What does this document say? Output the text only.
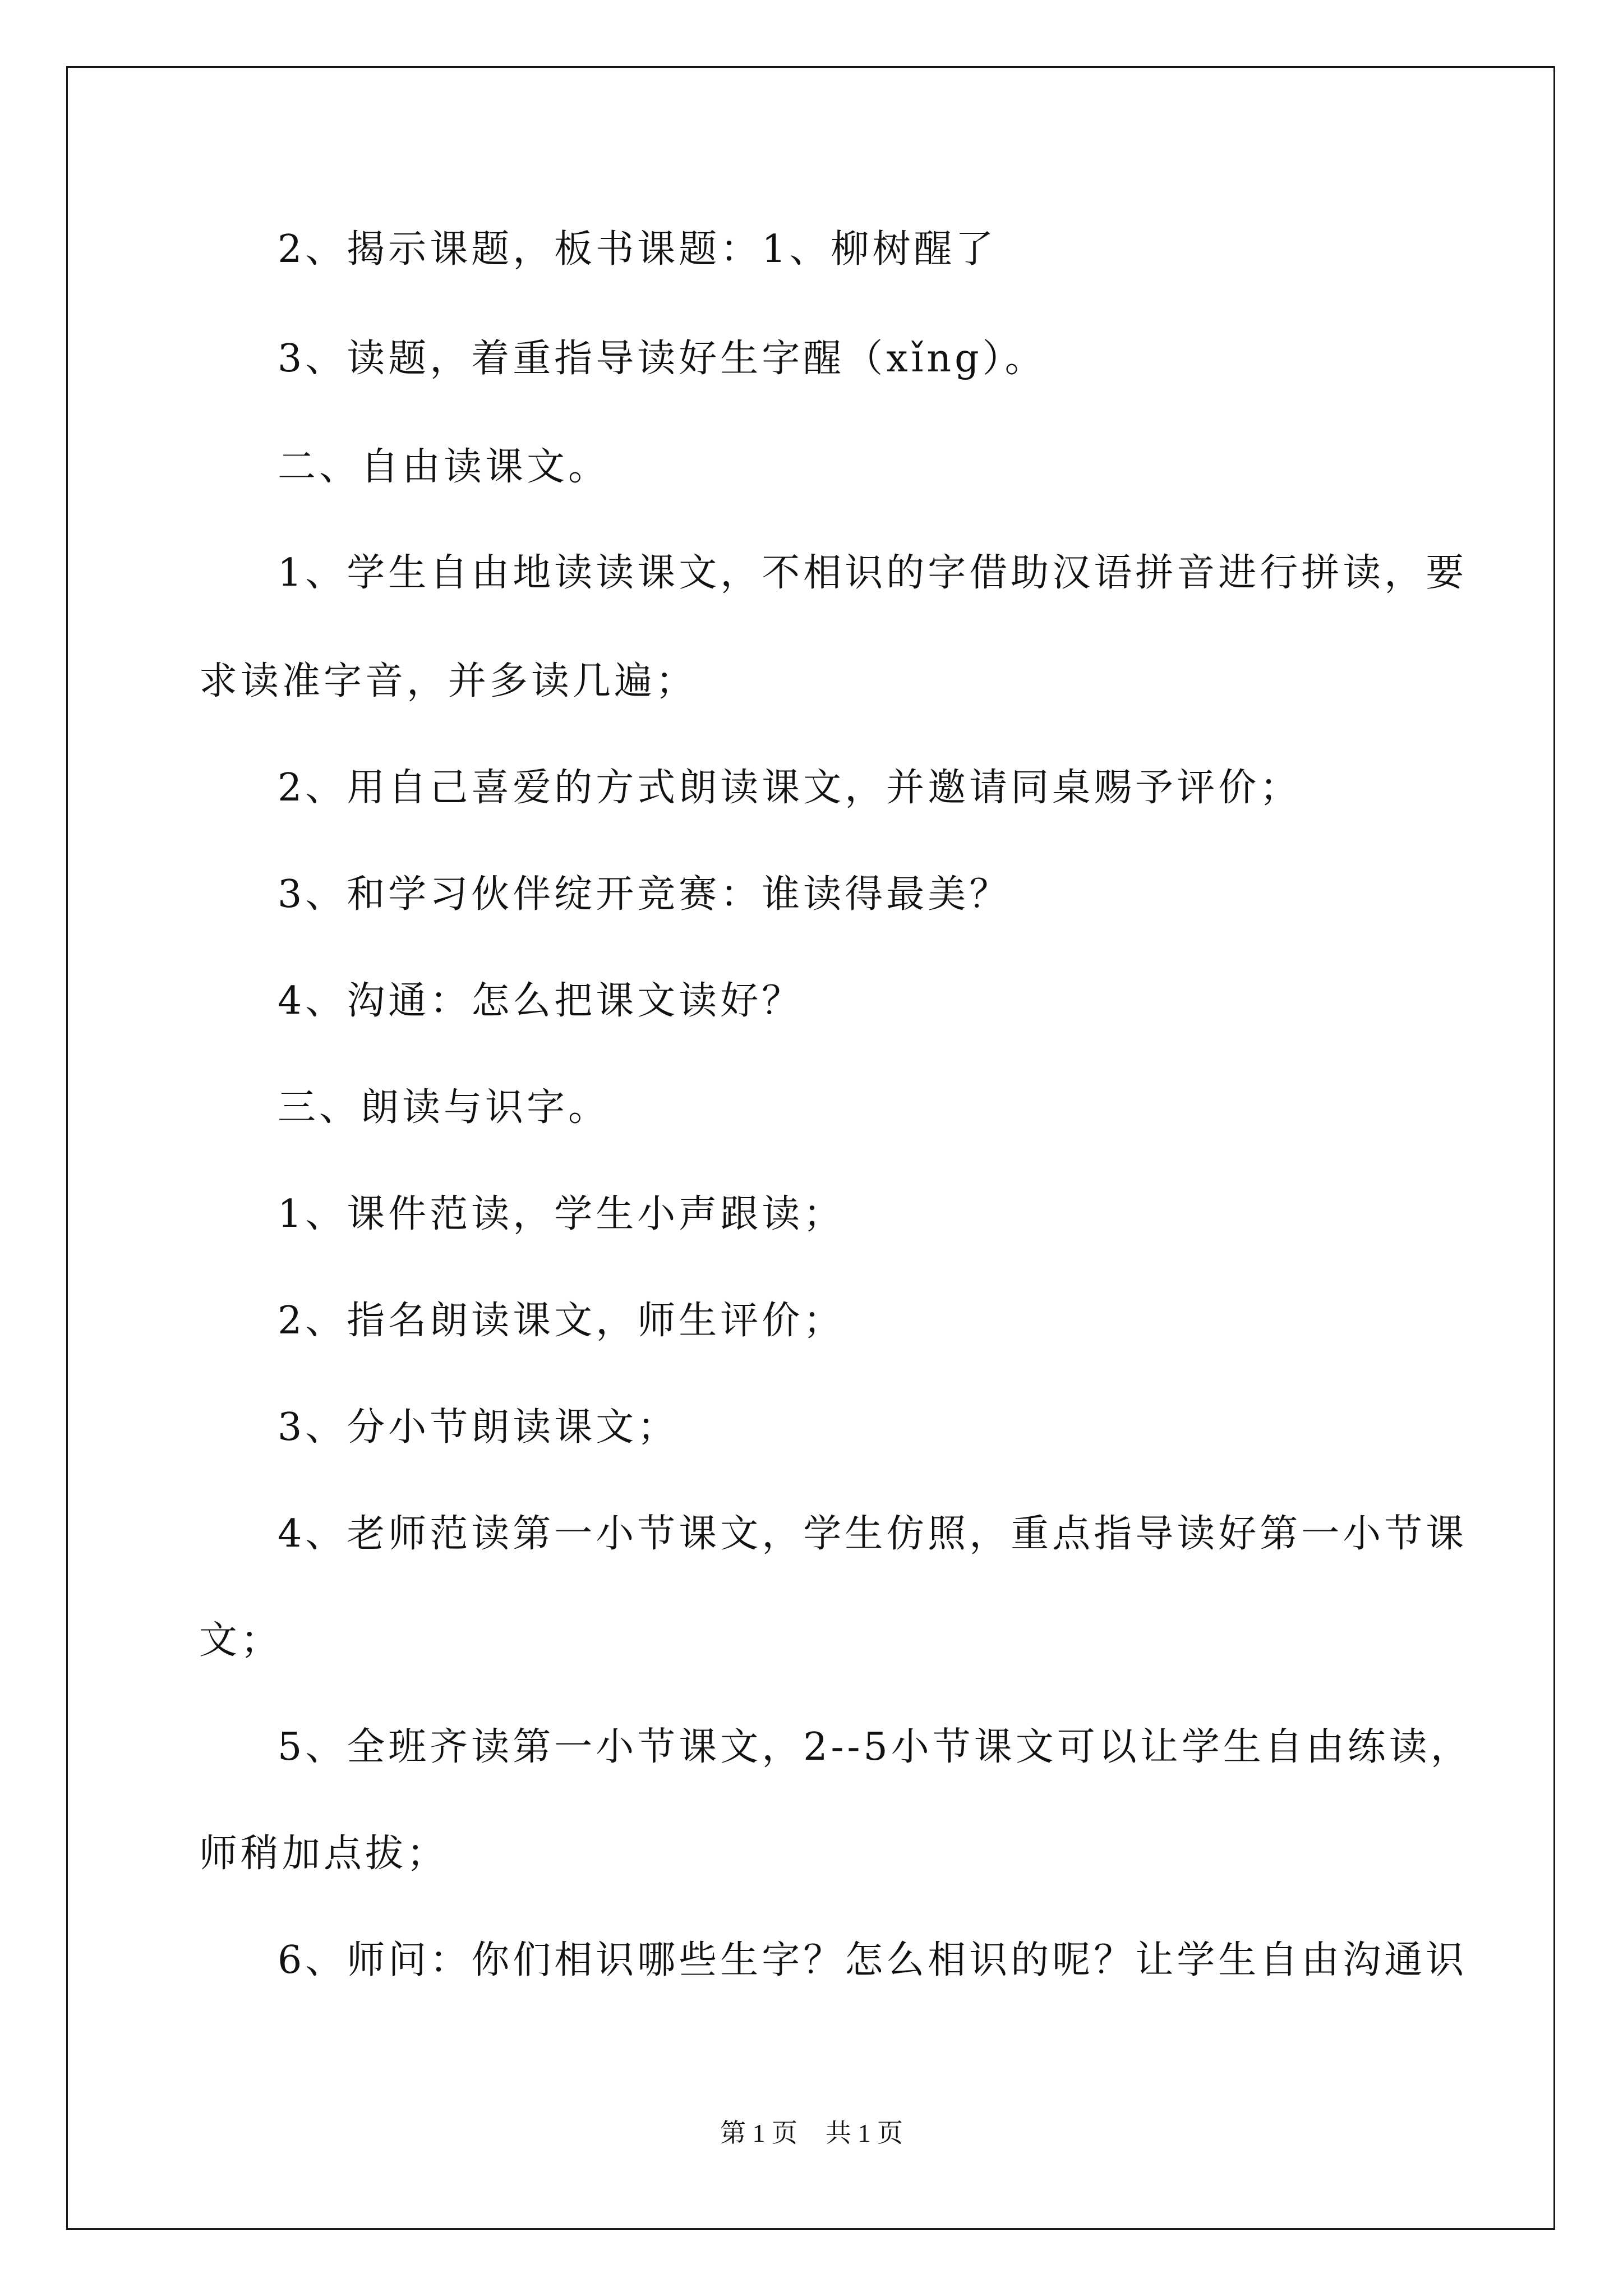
2、揭示课题，板书课题：1、柳树醒了
3、读题，着重指导读好生字醒（xǐng）。
二、自由读课文。
1、学生自由地读读课文，不相识的字借助汉语拼音进行拼读，要
求读准字音，并多读几遍；
2、用自己喜爱的方式朗读课文，并邀请同桌赐予评价；
3、和学习伙伴绽开竞赛：谁读得最美？
4、沟通：怎么把课文读好？
三、朗读与识字。
1、课件范读，学生小声跟读；
2、指名朗读课文，师生评价；
3、分小节朗读课文；
4、老师范读第一小节课文，学生仿照，重点指导读好第一小节课
文；
5、全班齐读第一小节课文，2--5小节课文可以让学生自由练读，
师稍加点拔；
6、师问：你们相识哪些生字？怎么相识的呢？让学生自由沟通识
第 1 页 共 1 页
